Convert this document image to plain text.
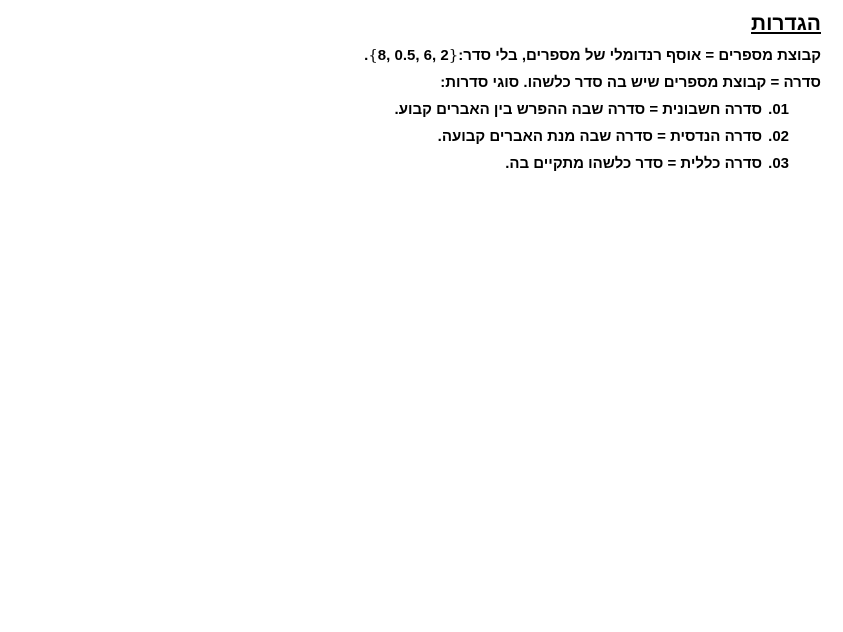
הגדרות

קבוצת מספרים = אוסף רנדומלי של מספרים, בלי סדר:{8, 0.5, 6, 2}.

סדרה = קבוצת מספרים שיש בה סדר כלשהו. סוגי סדרות:

01.סדרה חשבונית = סדרה שבה ההפרש בין האברים קבוע.
02.סדרה הנדסית = סדרה שבה מנת האברים קבועה.
03.סדרה כללית = סדר כלשהו מתקיים בה.
